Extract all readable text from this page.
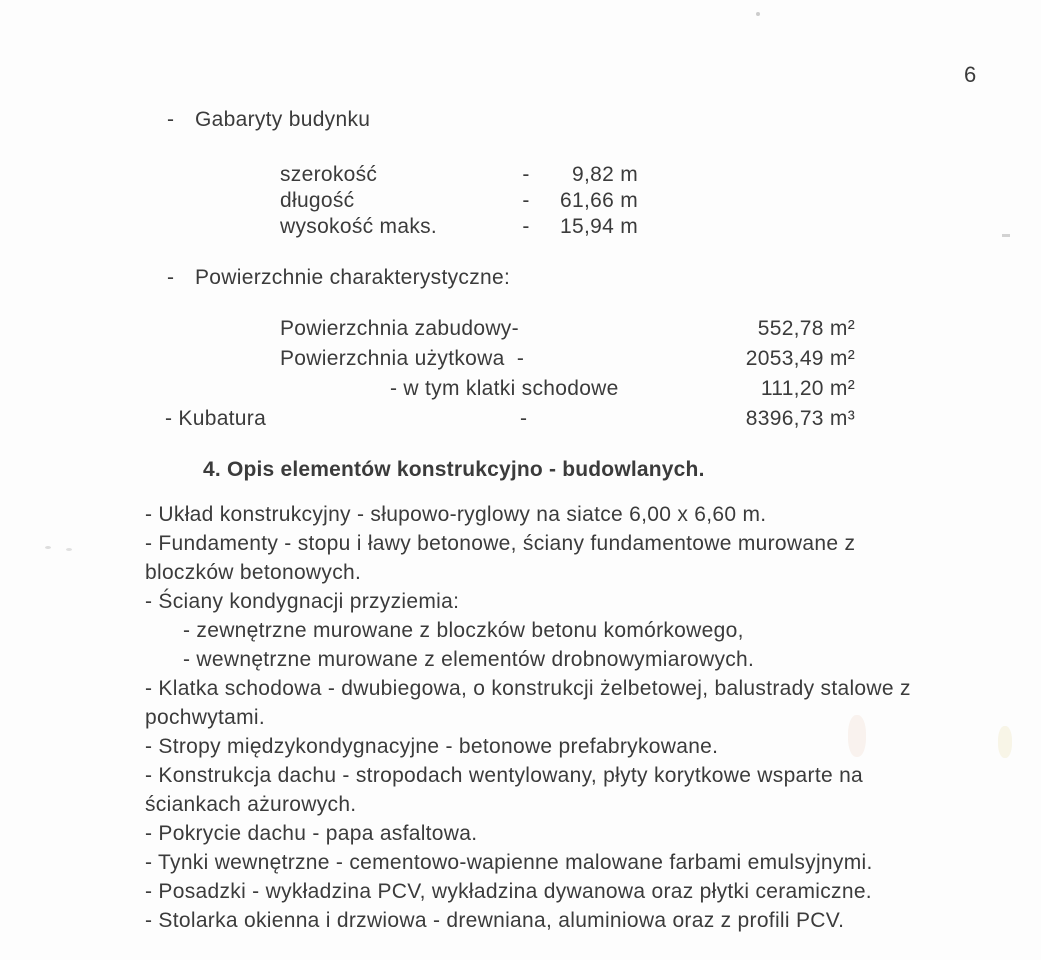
6
- Gabaryty budynku
szerokość	-	9,82 m
długość	-	61,66 m
wysokość maks.	-	15,94 m
- Powierzchnie charakterystyczne:
Powierzchnia zabudowy-	552,78 m²
Powierzchnia użytkowa  -	2053,49 m²
- w tym klatki schodowe	111,20 m²
- Kubatura	-	8396,73 m³
4. Opis elementów konstrukcyjno - budowlanych.

- Układ konstrukcyjny - słupowo-ryglowy na siatce 6,00 x 6,60 m.

- Fundamenty - stopu i ławy betonowe, ściany fundamentowe murowane z bloczków betonowych.

- Ściany kondygnacji przyziemia:

- zewnętrzne murowane z bloczków betonu komórkowego,

- wewnętrzne murowane z elementów drobnowymiarowych.

- Klatka schodowa - dwubiegowa, o konstrukcji żelbetowej, balustrady stalowe z pochwytami.

- Stropy międzykondygnacyjne - betonowe prefabrykowane.

- Konstrukcja dachu - stropodach wentylowany, płyty korytkowe wsparte na ściankach ażurowych.

- Pokrycie dachu - papa asfaltowa.

- Tynki wewnętrzne - cementowo-wapienne malowane farbami emulsyjnymi.

- Posadzki - wykładzina PCV, wykładzina dywanowa oraz płytki ceramiczne.

- Stolarka okienna i drzwiowa - drewniana, aluminiowa oraz z profili PCV.
